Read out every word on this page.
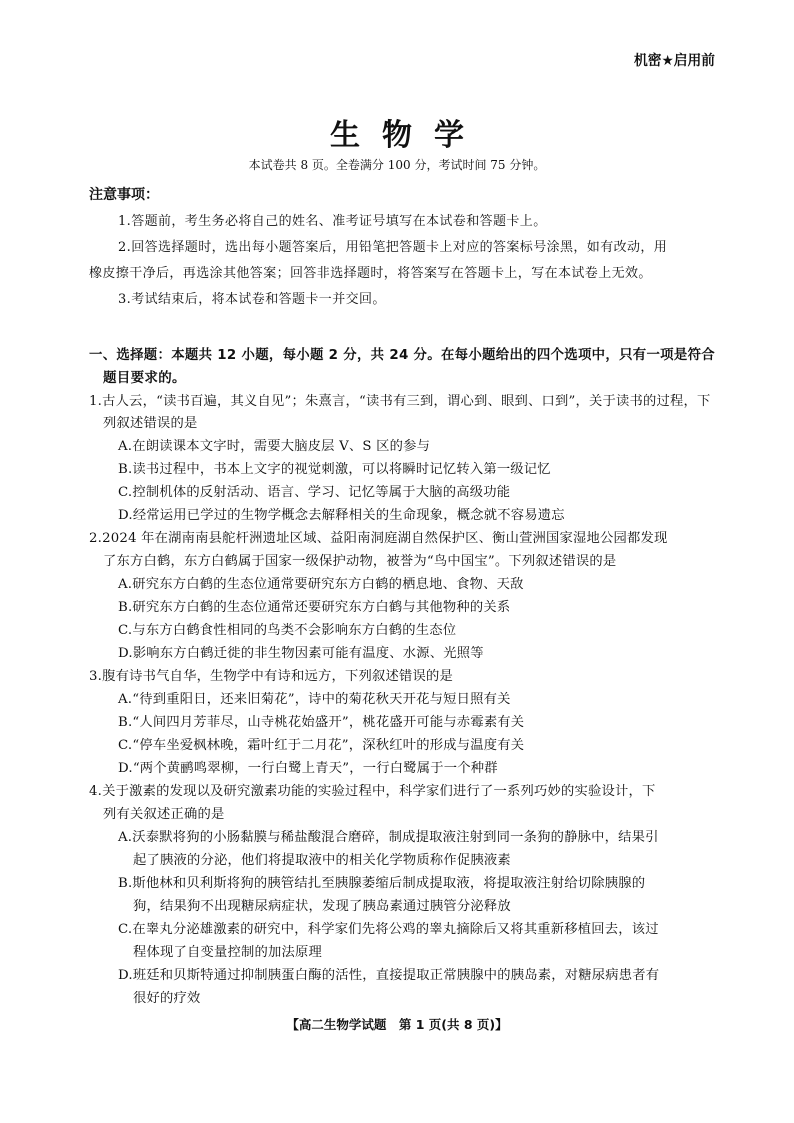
机密★启用前
生物学
本试卷共 8 页。全卷满分 100 分，考试时间 75 分钟。
注意事项：
1.答题前，考生务必将自己的姓名、准考证号填写在本试卷和答题卡上。
2.回答选择题时，选出每小题答案后，用铅笔把答题卡上对应的答案标号涂黑，如有改动，用
橡皮擦干净后，再选涂其他答案；回答非选择题时，将答案写在答题卡上，写在本试卷上无效。
3.考试结束后，将本试卷和答题卡一并交回。
一、选择题：本题共 12 小题，每小题 2 分，共 24 分。在每小题给出的四个选项中，只有一项是符合
题目要求的。
1.古人云，“读书百遍，其义自见”；朱熹言，“读书有三到，谓心到、眼到、口到”，关于读书的过程，下
列叙述错误的是
A.在朗读课本文字时，需要大脑皮层 V、S 区的参与
B.读书过程中，书本上文字的视觉刺激，可以将瞬时记忆转入第一级记忆
C.控制机体的反射活动、语言、学习、记忆等属于大脑的高级功能
D.经常运用已学过的生物学概念去解释相关的生命现象，概念就不容易遗忘
2.2024 年在湖南南县舵杆洲遗址区域、益阳南洞庭湖自然保护区、衡山萱洲国家湿地公园都发现
了东方白鹤，东方白鹤属于国家一级保护动物，被誉为“鸟中国宝”。下列叙述错误的是
A.研究东方白鹤的生态位通常要研究东方白鹤的栖息地、食物、天敌
B.研究东方白鹤的生态位通常还要研究东方白鹤与其他物种的关系
C.与东方白鹤食性相同的鸟类不会影响东方白鹤的生态位
D.影响东方白鹤迁徙的非生物因素可能有温度、水源、光照等
3.腹有诗书气自华，生物学中有诗和远方，下列叙述错误的是
A.“待到重阳日，还来旧菊花”，诗中的菊花秋天开花与短日照有关
B.“人间四月芳菲尽，山寺桃花始盛开”，桃花盛开可能与赤霉素有关
C.“停车坐爱枫林晚，霜叶红于二月花”，深秋红叶的形成与温度有关
D.“两个黄鹂鸣翠柳，一行白鹭上青天”，一行白鹭属于一个种群
4.关于激素的发现以及研究激素功能的实验过程中，科学家们进行了一系列巧妙的实验设计，下
列有关叙述正确的是
A.沃泰默将狗的小肠黏膜与稀盐酸混合磨碎，制成提取液注射到同一条狗的静脉中，结果引
起了胰液的分泌，他们将提取液中的相关化学物质称作促胰液素
B.斯他林和贝利斯将狗的胰管结扎至胰腺萎缩后制成提取液，将提取液注射给切除胰腺的
狗，结果狗不出现糖尿病症状，发现了胰岛素通过胰管分泌释放
C.在睾丸分泌雄激素的研究中，科学家们先将公鸡的睾丸摘除后又将其重新移植回去，该过
程体现了自变量控制的加法原理
D.班廷和贝斯特通过抑制胰蛋白酶的活性，直接提取正常胰腺中的胰岛素，对糖尿病患者有
很好的疗效
【高二生物学试题　第 1 页(共 8 页)】
